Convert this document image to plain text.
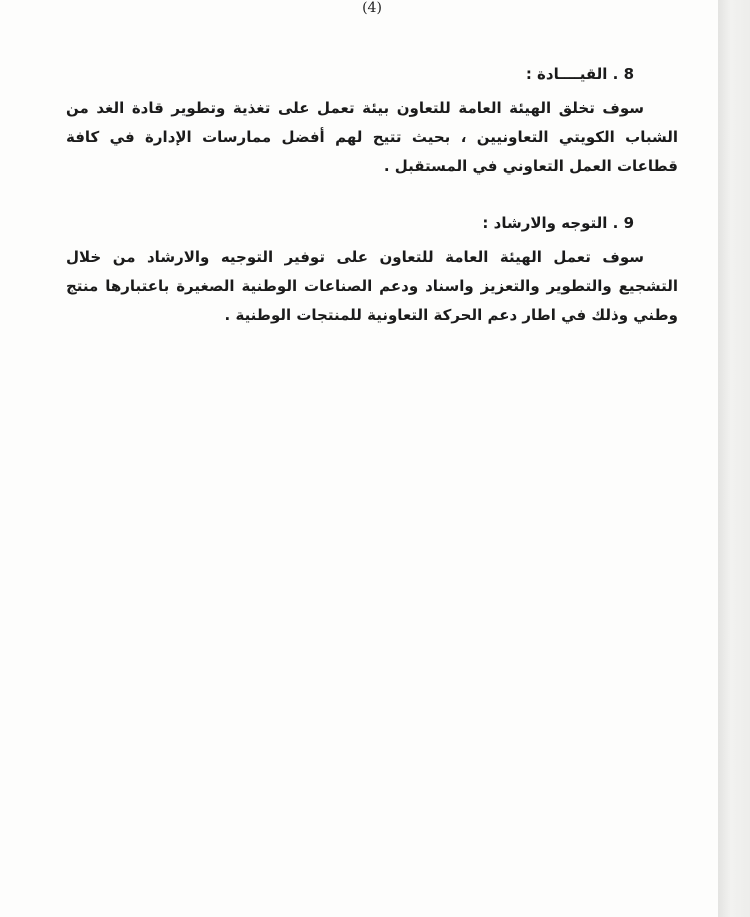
(4)

8 . القيــــادة :

سوف تخلق الهيئة العامة للتعاون بيئة تعمل على تغذية وتطوير قادة الغد من الشباب الكويتي التعاونيين ، بحيث تتيح لهم أفضل ممارسات الإدارة في كافة قطاعات العمل التعاوني في المستقبل .

9 . التوجه والارشاد :

سوف تعمل الهيئة العامة للتعاون على توفير التوجيه والارشاد من خلال التشجيع والتطوير والتعزيز واسناد ودعم الصناعات الوطنية الصغيرة باعتبارها منتج وطني وذلك في اطار دعم الحركة التعاونية للمنتجات الوطنية .
